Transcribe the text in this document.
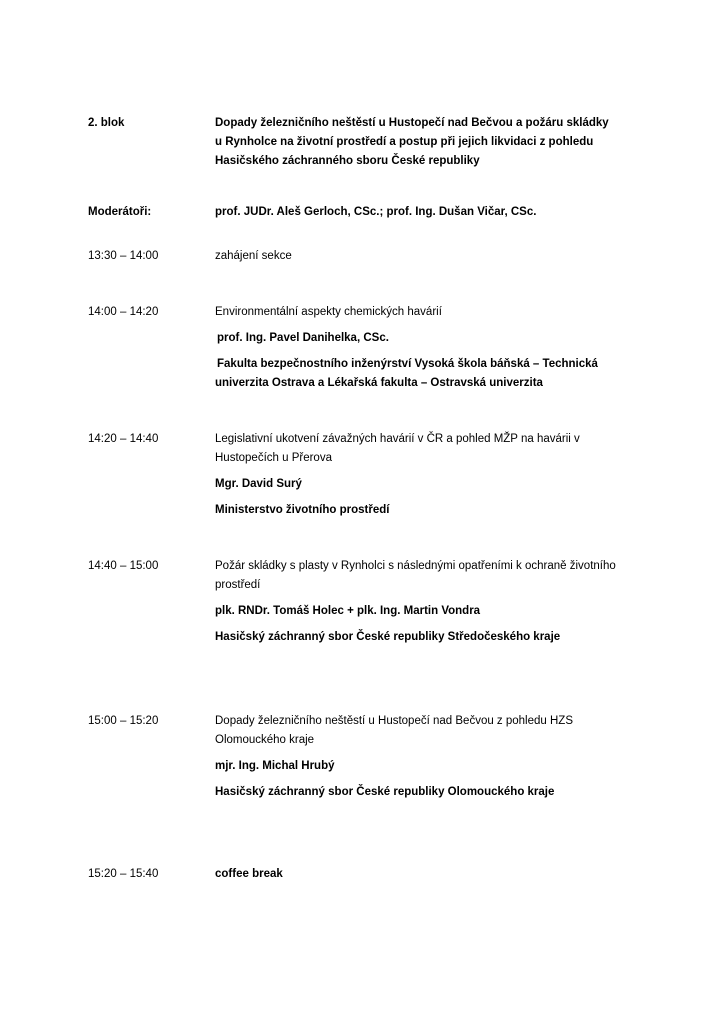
2. blok	Dopady železničního neštěstí u Hustopečí nad Bečvou a požáru skládky
u Rynholce na životní prostředí a postup při jejich likvidaci z pohledu
Hasičského záchranného sboru České republiky
Moderátoři:	prof. JUDr. Aleš Gerloch, CSc.; prof. Ing. Dušan Vičar, CSc.
13:30 – 14:00	zahájení sekce
14:00 – 14:20	Environmentální aspekty chemických havárií
prof. Ing. Pavel Danihelka, CSc.
Fakulta bezpečnostního inženýrství Vysoká škola báňská – Technická
univerzita Ostrava a Lékařská fakulta – Ostravská univerzita
14:20 – 14:40	Legislativní ukotvení závažných havárií v ČR a pohled MŽP na havárii v
Hustopečích u Přerova
Mgr. David Surý
Ministerstvo životního prostředí
14:40 – 15:00	Požár skládky s plasty v Rynholci s následnými opatřeními k ochraně životního
prostředí
plk. RNDr. Tomáš Holec + plk. Ing. Martin Vondra
Hasičský záchranný sbor České republiky Středočeského kraje
15:00 – 15:20	Dopady železničního neštěstí u Hustopečí nad Bečvou z pohledu HZS
Olomouckého kraje
mjr. Ing. Michal Hrubý
Hasičský záchranný sbor České republiky Olomouckého kraje
15:20 – 15:40	coffee break
